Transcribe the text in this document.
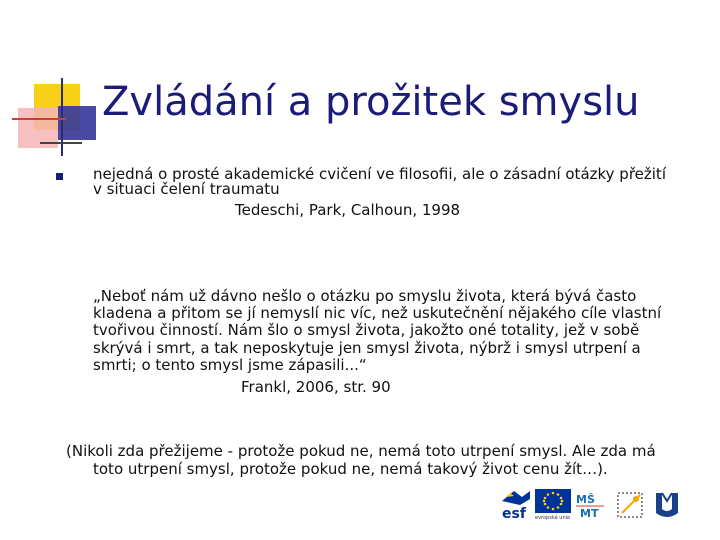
Zvládání a prožitek smyslu
nejedná o prosté akademické cvičení ve filosofii, ale o zásadní otázky přežití
v situaci čelení traumatu
Tedeschi, Park, Calhoun, 1998
„Neboť nám už dávno nešlo o otázku po smyslu života, která bývá často
kladena a přitom se jí nemyslí nic víc, než uskutečnění nějakého cíle vlastní
tvořivou činností. Nám šlo o smysl života, jakožto oné totality, jež v sobě
skrývá i smrt, a tak neposkytuje jen smysl života, nýbrž i smysl utrpení a
smrti; o tento smysl jsme zápasili...“
Frankl, 2006, str. 90
(Nikoli zda přežijeme - protože pokud ne, nemá toto utrpení smysl. Ale zda má
toto utrpení smysl, protože pokud ne, nemá takový život cenu žít…).
esf evropská unie
MŠ
MT
